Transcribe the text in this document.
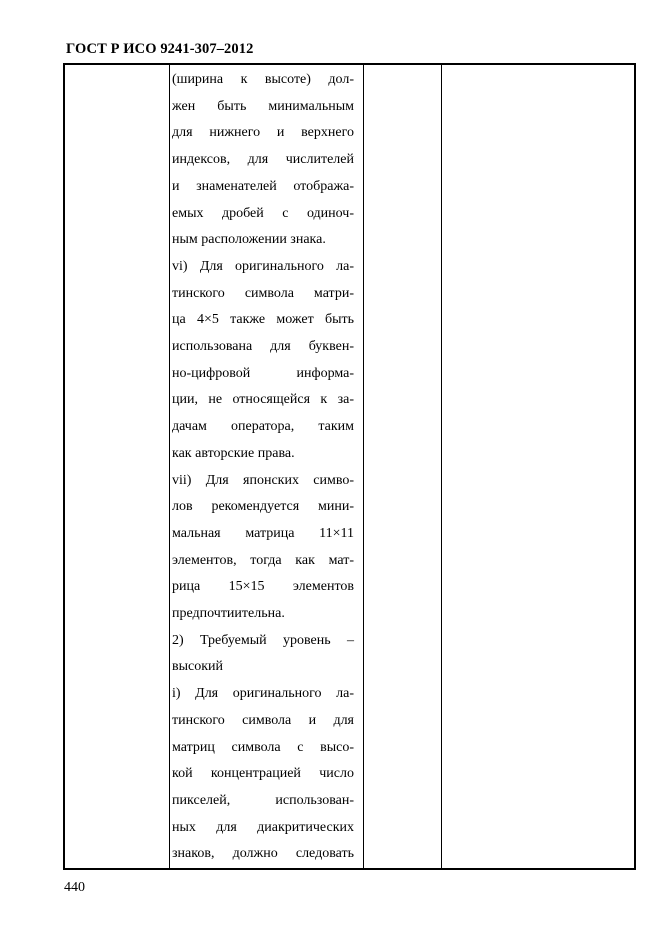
ГОСТ Р ИСО 9241-307–2012

(ширина к высоте) дол-

жен быть минимальным

для нижнего и верхнего

индексов, для числителей

и знаменателей отобража-

емых дробей с одиноч-

ным расположении знака.

vi) Для оригинального ла-

тинского символа матри-

ца 4×5 также может быть

использована для буквен-

но-цифровой информа-

ции, не относящейся к за-

дачам оператора, таким

как авторские права.

vii) Для японских симво-

лов рекомендуется мини-

мальная матрица 11×11

элементов, тогда как мат-

рица 15×15 элементов

предпочтиительна.

2) Требуемый уровень –

высокий

i) Для оригинального ла-

тинского символа и для

матриц символа с высо-

кой концентрацией число

пикселей, использован-

ных для диакритических

знаков, должно следовать

440
